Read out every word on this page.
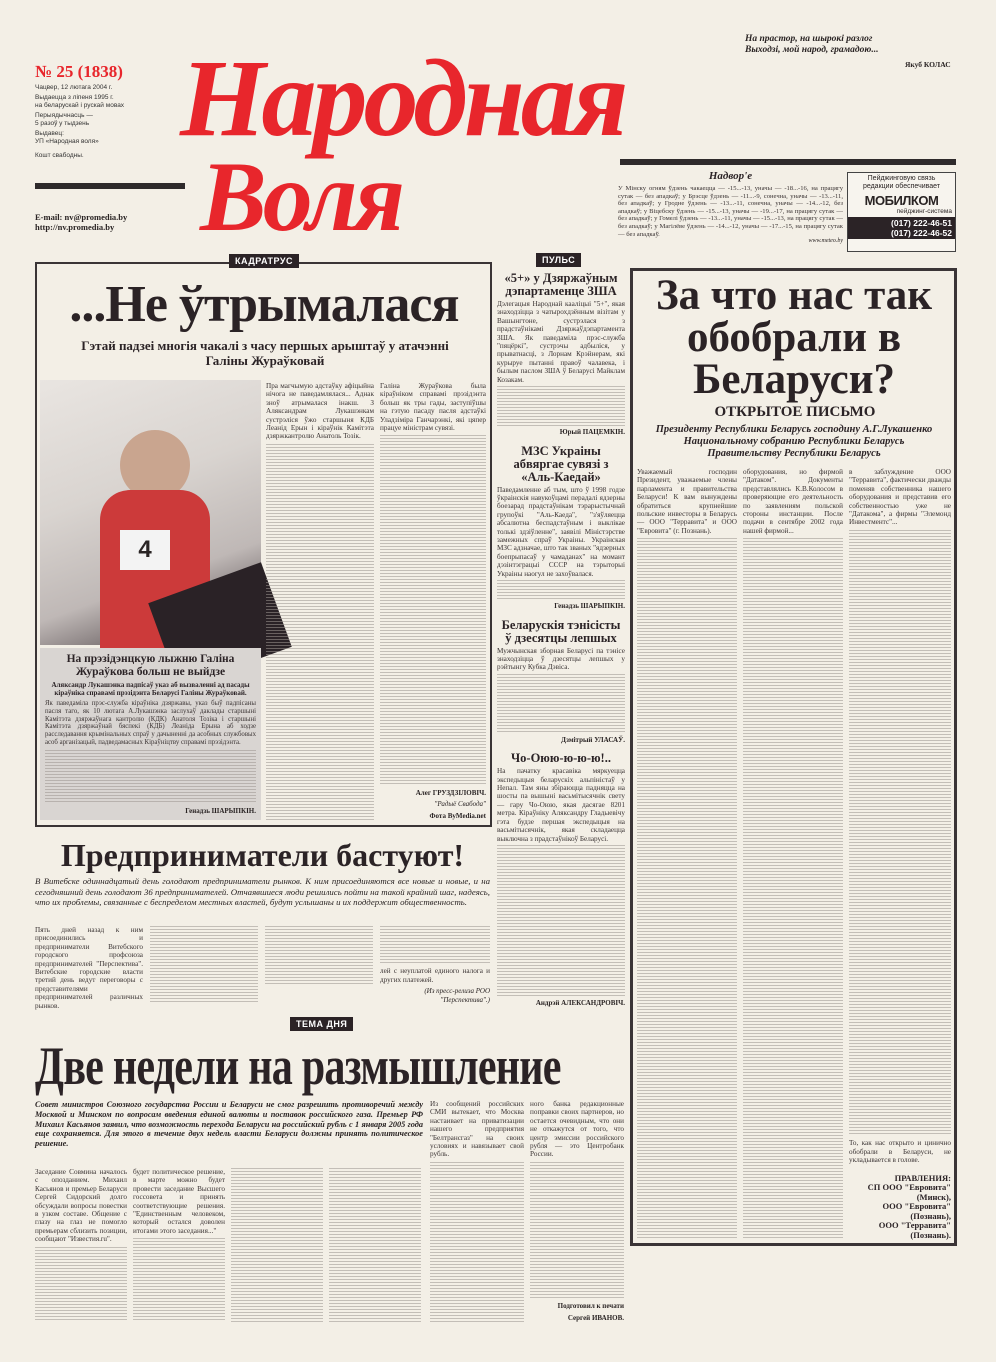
№ 25 (1838)
Чацвер, 12 лютага 2004 г.
Выдаецца з ліпеня 1995 г.
на беларускай і рускай мовах
Перыядычнасць —
5 разоў у тыдзень
Выдавец:
УП «Народная воля»
Кошт свабодны.
E-mail: nv@promedia.by
http://nv.promedia.by
Народная
Воля
На прастор, на шырокі разлог
Выходзі, мой народ, грамадою...
Якуб КОЛАС
Надвор'е
У Мінску огням ўдзень чакаецца — -15...-13, уначы — -18...-16, на працягу сутак — без ападкаў; у Брэсце ўдзень — -11...-9, сонечна, уначы — -13...-11, без ападкаў; у Гродне ўдзень — -13...-11, сонечна, уначы — -14...-12, без ападкаў; у Віцебску ўдзень — -15...-13, уначы — -19...-17, на працягу сутак — без ападкаў; у Гомелі ўдзень — -13...-11, уначы — -15...-13, на працягу сутак — без ападкаў; у Магілёве ўдзень — -14...-12, уначы — -17...-15, на працягу сутак — без ападкаў.
www.meteo.by
Пейджинговую связь
редакции обеспечивает
МОБИЛКОМ
пейджинг-система
(017) 222-46-51
(017) 222-46-52
КАДРАТРУС
...Не ўтрымалася
Гэтай падзеі многія чакалі з часу першых арыштаў у атачэнні Галіны Жураўковай
4
На прэзідэнцкую лыжню Галіна Жураўкова больш не выйдзе
Аляксандр Лукашэнка падпісаў указ аб вызваленні ад пасады кіраўніка справамі прэзідэнта Беларусі Галіны Жураўковай.
Як паведаміла прэс-служба кіраўніка дзяржавы, указ быў падпісаны пасля таго, як 10 лютага А.Лукашэнка заслухаў даклады старшыні Камітэта дзяржаўнага кантролю (КДК) Анатоля Тозіка і старшыні Камітэта дзяржаўнай бяспекі (КДБ) Леаніда Ерына аб ходзе расследавання крымінальных спраў у дачыненні да асобных службовых асоб арганізацый, падведамасных Кіраўніцтву справамі прэзідэнта.
Генадзь ШАРЫПКІН.
Пра магчымую адстаўку афіцыйна нічога не паведамлялася... Аднак зноў атрымалася інакш. З Аляксандрам Лукашэнкам сустрэліся ўжо старшыня КДБ Леанід Ерын і кіраўнік Камітэта дзяржкантролю Анатоль Тозік.
Галіна Жураўкова была кіраўніком справамі прэзідэнта больш як тры гады, заступіўшы на гэтую пасаду пасля адстаўкі Уладзіміра Ганчарэнкі, які цяпер працуе міністрам сувязі.
Алег ГРУЗДЗІЛОВІЧ.
"Радыё Свабода"
Фота ByMedia.net
ПУЛЬС
«5+» у Дзяржаўным дэпартаменце ЗША
Дэлегацыя Народнай кааліцыі "5+", якая знаходзіцца з чатырохдзённым візітам у Вашынгтоне, сустрэлася з прадстаўнікамі Дзяржаўдэпартамента ЗША. Як паведаміла прэс-служба "пяцёркі", сустрэчы адбыліся, у прыватнасці, з Лорнам Крэйнерам, які курыруе пытанні правоў чалавека, і былым паслом ЗША ў Беларусі Майклам Козакам.
Юрый ПАЦЕМКІН.
МЗС Украіны абвяргае сувязі з «Аль-Каедай»
Паведамленне аб тым, што ў 1998 годзе ўкраінскія навукоўцамі перадалі ядзерны боезарад прадстаўнікам тэрарыстычнай групоўкі "Аль-Каеда", "з'яўляецца абсалютна беспадстаўным і выклікае толькі здзіўленне", заявілі Міністэрстве замежных спраў Украіны. Украінская МЗС адзначае, што так званых "ядзерных боепрыпасаў у чамаданах" на момант дэзінтэграцыі СССР на тэрыторыі Украіны наогул не захоўвалася.
Генадзь ШАРЫПКІН.
Беларускія тэнісісты ў дзесятцы лепшых
Мужчынская зборная Беларусі па тэнісе знаходзіцца ў дзесятцы лепшых у рэйтынгу Кубка Дэвіса.
Дзмітрый УЛАСАЎ.
Чо-Оюю-ю-ю-ю!..
На пачатку красавіка мяркуецца экспедыцыя беларускіх альпіністаў у Непал. Там яны збіраюцца падняцца на шосты па вышыні васьмітысячнік свету — гару Чо-Оюю, якая дасягае 8201 метра. Кіраўніку Аляксандру Гладыевічу гэта будзе першая экспедыцыя на васьмітысячнік, якая складаецца выключна з прадстаўнікоў Беларусі.
Андрэй АЛЕКСАНДРОВІЧ.
За что нас так обобрали в Беларуси?
ОТКРЫТОЕ ПИСЬМО
Президенту Республики Беларусь господину А.Г.Лукашенко
Национальному собранию Республики Беларусь
Правительству Республики Беларусь
Уважаемый господин Президент, уважаемые члены парламента и правительства Беларуси! К вам вынуждены обратиться крупнейшие польские инвесторы в Беларусь — ООО "Терравита" и ООО "Евровита" (г. Познань).
оборудования, но фирмой "Датаком". Документы представлялись К.В.Колосом в проверяющие его деятельность по заявлениям польской стороны инстанции. После подачи в сентябре 2002 года нашей фирмой...
в заблуждение ООО "Терравита", фактически дважды поменяв собственника нашего оборудования и представив его собственностью уже не "Датакома", а фирмы "Элемонд Инвестментс"...
То, как нас открыто и цинично обобрали в Беларуси, не укладывается в голове.
ПРАВЛЕНИЯ:
СП ООО "Евровита"
(Минск),
ООО "Евровита"
(Познань),
ООО "Терравита"
(Познань).
Предприниматели бастуют!
В Витебске одиннадцатый день голодают предприниматели рынков. К ним присоединяются все новые и новые, и на сегодняшний день голодают 36 предпринимателей. Отчаявшиеся люди решились пойти на такой крайний шаг, надеясь, что их проблемы, связанные с беспределом местных властей, будут услышаны и их поддержит общественность.
Пять дней назад к ним присоединились и предприниматели Витебского городского профсоюза предпринимателей "Перспектива". Витебские городские власти третий день ведут переговоры с представителями предпринимателей различных рынков.
лей с неуплатой единого налога и других платежей.
(Из пресс-релиза РОО "Перспектива".)
ТЕМА ДНЯ
Две недели на размышление
Совет министров Союзного государства России и Беларуси не смог разрешить противоречий между Москвой и Минском по вопросам введения единой валюты и поставок российского газа. Премьер РФ Михаил Касьянов заявил, что возможность перехода Беларуси на российский рубль с 1 января 2005 года еще сохраняется. Для этого в течение двух недель власти Беларуси должны принять политическое решение.
Заседание Совмина началось с опозданием. Михаил Касьянов и премьер Беларуси Сергей Сидорский долго обсуждали вопросы повестки в узком составе. Общение с глазу на глаз не помогло премьерам сблизить позиции, сообщают "Известия.ru".
будет политическое решение, в марте можно будет провести заседание Высшего госсовета и принять соответствующие решения. "Единственным человеком, который остался доволен итогами этого заседания..."
Из сообщений российских СМИ вытекает, что Москва настаивает на приватизации нашего предприятия "Белтрансгаз" на своих условиях и навязывает свой рубль.
ного банка редакционные поправки своих партнеров, но остается очевидным, что они не откажутся от того, что центр эмиссии российского рубля — это Центробанк России.
Подготовил к печати
Сергей ИВАНОВ.
